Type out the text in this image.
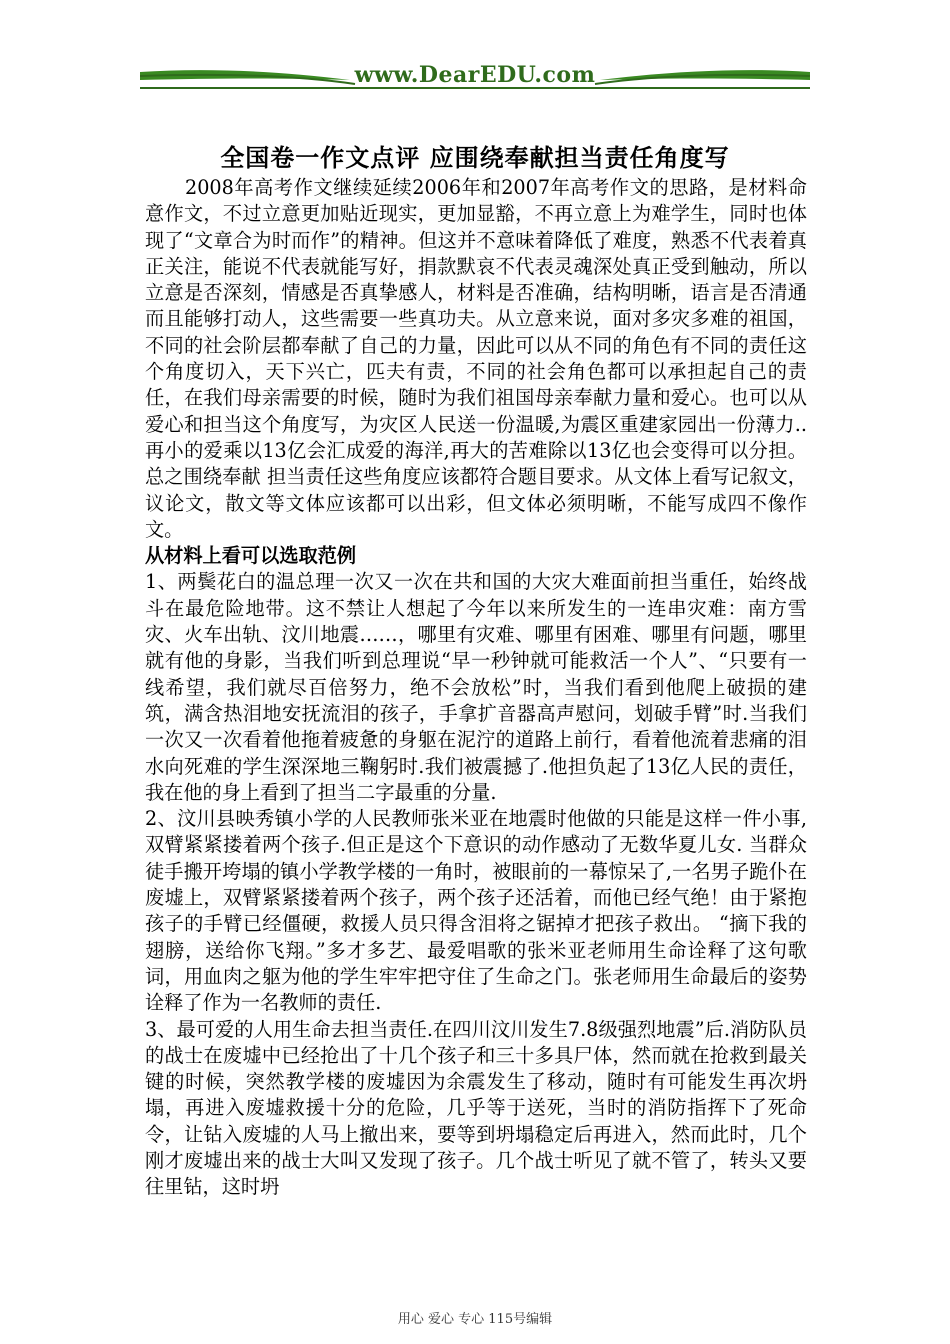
www.DearEDU.com
全国卷一作文点评 应围绕奉献担当责任角度写

2008年高考作文继续延续2006年和2007年高考作文的思路，是材料命意作文，不过立意更加贴近现实，更加显豁，不再立意上为难学生，同时也体现了“文章合为时而作”的精神。但这并不意味着降低了难度，熟悉不代表着真正关注，能说不代表就能写好，捐款默哀不代表灵魂深处真正受到触动，所以立意是否深刻，情感是否真挚感人，材料是否准确，结构明晰，语言是否清通而且能够打动人，这些需要一些真功夫。从立意来说，面对多灾多难的祖国，不同的社会阶层都奉献了自己的力量，因此可以从不同的角色有不同的责任这个角度切入，天下兴亡，匹夫有责，不同的社会角色都可以承担起自己的责任，在我们母亲需要的时候，随时为我们祖国母亲奉献力量和爱心。也可以从爱心和担当这个角度写，为灾区人民送一份温暖,为震区重建家园出一份薄力..再小的爱乘以13亿会汇成爱的海洋,再大的苦难除以13亿也会变得可以分担。总之围绕奉献 担当责任这些角度应该都符合题目要求。从文体上看写记叙文，议论文，散文等文体应该都可以出彩，但文体必须明晰，不能写成四不像作文。

从材料上看可以选取范例

1、两鬓花白的温总理一次又一次在共和国的大灾大难面前担当重任，始终战斗在最危险地带。这不禁让人想起了今年以来所发生的一连串灾难：南方雪灾、火车出轨、汶川地震……，哪里有灾难、哪里有困难、哪里有问题，哪里就有他的身影，当我们听到总理说“早一秒钟就可能救活一个人”、“只要有一线希望，我们就尽百倍努力，绝不会放松”时，当我们看到他爬上破损的建筑，满含热泪地安抚流泪的孩子，手拿扩音器高声慰问，划破手臂”时.当我们一次又一次看着他拖着疲惫的身躯在泥泞的道路上前行，看着他流着悲痛的泪水向死难的学生深深地三鞠躬时.我们被震撼了.他担负起了13亿人民的责任，我在他的身上看到了担当二字最重的分量.

2、汶川县映秀镇小学的人民教师张米亚在地震时他做的只能是这样一件小事,双臂紧紧搂着两个孩子.但正是这个下意识的动作感动了无数华夏儿女. 当群众徒手搬开垮塌的镇小学教学楼的一角时，被眼前的一幕惊呆了,一名男子跪仆在废墟上，双臂紧紧搂着两个孩子，两个孩子还活着，而他已经气绝！由于紧抱孩子的手臂已经僵硬，救援人员只得含泪将之锯掉才把孩子救出。 “摘下我的翅膀，送给你飞翔。”多才多艺、最爱唱歌的张米亚老师用生命诠释了这句歌词，用血肉之躯为他的学生牢牢把守住了生命之门。张老师用生命最后的姿势诠释了作为一名教师的责任.

3、最可爱的人用生命去担当责任.在四川汶川发生7.8级强烈地震”后.消防队员的战士在废墟中已经抢出了十几个孩子和三十多具尸体，然而就在抢救到最关键的时候，突然教学楼的废墟因为余震发生了移动，随时有可能发生再次坍塌，再进入废墟救援十分的危险，几乎等于送死，当时的消防指挥下了死命令，让钻入废墟的人马上撤出来，要等到坍塌稳定后再进入，然而此时，几个刚才废墟出来的战士大叫又发现了孩子。几个战士听见了就不管了，转头又要往里钻，这时坍

用心 爱心 专心 115号编辑
